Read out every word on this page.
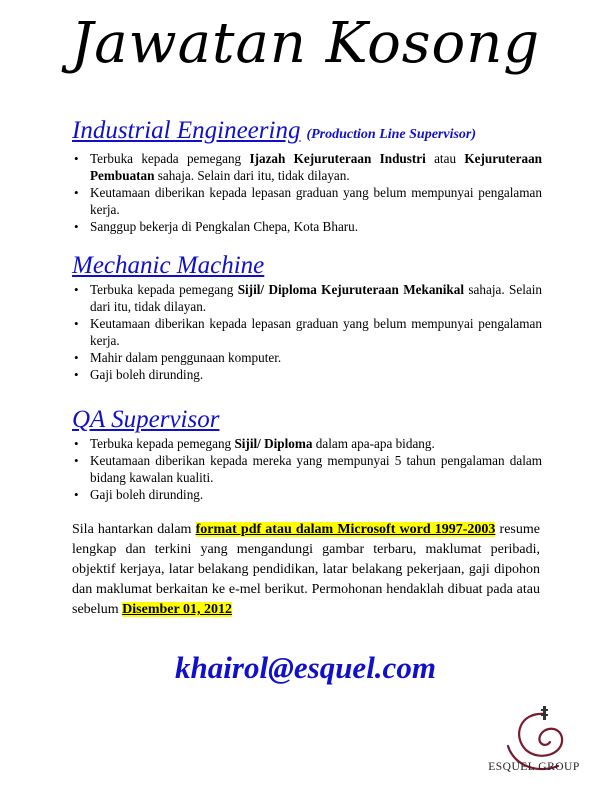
Jawatan Kosong
Industrial Engineering (Production Line Supervisor)
• Terbuka kepada pemegang Ijazah Kejuruteraan Industri atau Kejuruteraan Pembuatan sahaja. Selain dari itu, tidak dilayan.
• Keutamaan diberikan kepada lepasan graduan yang belum mempunyai pengalaman kerja.
• Sanggup bekerja di Pengkalan Chepa, Kota Bharu.
Mechanic Machine
• Terbuka kepada pemegang Sijil/ Diploma Kejuruteraan Mekanikal sahaja. Selain dari itu, tidak dilayan.
• Keutamaan diberikan kepada lepasan graduan yang belum mempunyai pengalaman kerja.
• Mahir dalam penggunaan komputer.
• Gaji boleh dirunding.
QA Supervisor
• Terbuka kepada pemegang Sijil/ Diploma dalam apa-apa bidang.
• Keutamaan diberikan kepada mereka yang mempunyai 5 tahun pengalaman dalam bidang kawalan kualiti.
• Gaji boleh dirunding.
Sila hantarkan dalam format pdf atau dalam Microsoft word 1997-2003 resume lengkap dan terkini yang mengandungi gambar terbaru, maklumat peribadi, objektif kerjaya, latar belakang pendidikan, latar belakang pekerjaan, gaji dipohon dan maklumat berkaitan ke e-mel berikut. Permohonan hendaklah dibuat pada atau sebelum Disember 01, 2012
khairol@esquel.com
ESQUEL GROUP
